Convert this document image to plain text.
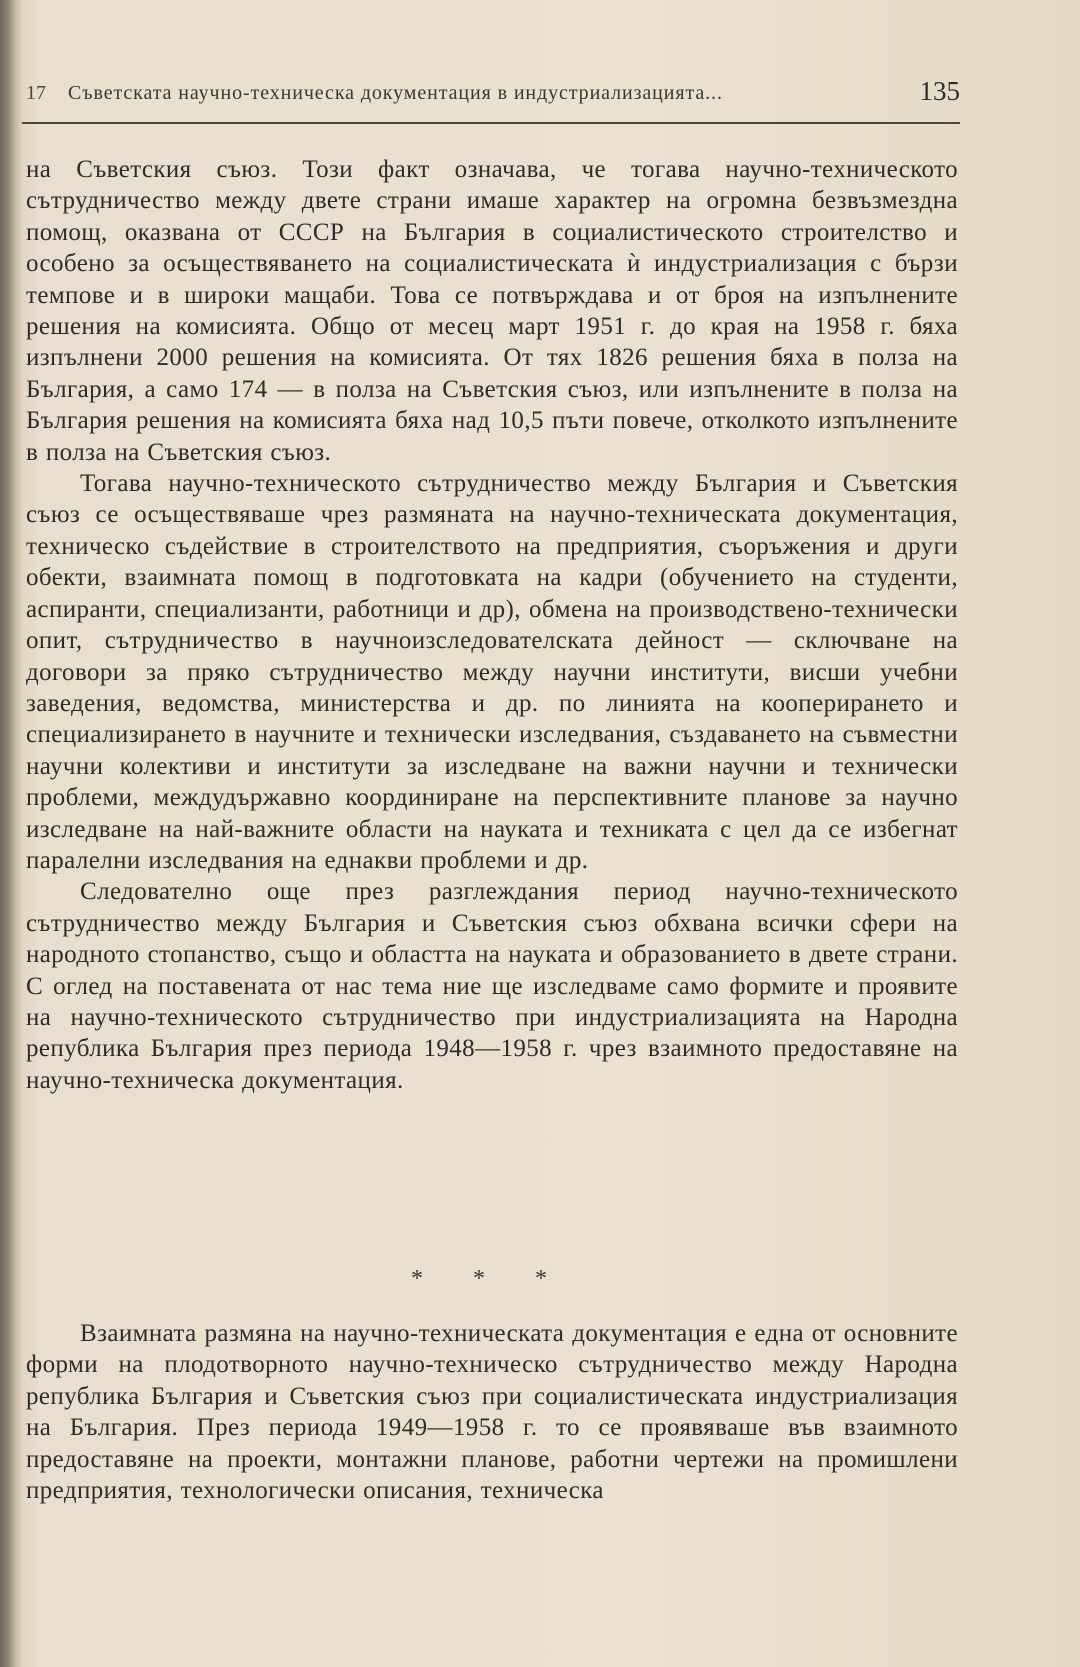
17 Съветската научно-техническа документация в индустриализацията...	135

на Съветския съюз. Този факт означава, че тогава научно-техническото сътрудничество между двете страни имаше характер на огромна безвъзмездна помощ, оказвана от СССР на България в социалистическото строителство и особено за осъществяването на социалистическата ѝ индустриализация с бързи темпове и в широки мащаби. Това се потвърждава и от броя на изпълнените решения на комисията. Общо от месец март 1951 г. до края на 1958 г. бяха изпълнени 2000 решения на комисията. От тях 1826 решения бяха в полза на България, а само 174 — в полза на Съветския съюз, или изпълнените в полза на България решения на комисията бяха над 10,5 пъти повече, отколкото изпълнените в полза на Съветския съюз.

Тогава научно-техническото сътрудничество между България и Съветския съюз се осъществяваше чрез размяната на научно-техническата документация, техническо съдействие в строителството на предприятия, съоръжения и други обекти, взаимната помощ в подготовката на кадри (обучението на студенти, аспиранти, специализанти, работници и др), обмена на производствено-технически опит, сътрудничество в научноизследователската дейност — сключване на договори за пряко сътрудничество между научни институти, висши учебни заведения, ведомства, министерства и др. по линията на кооперирането и специализирането в научните и технически изследвания, създаването на съвместни научни колективи и институти за изследване на важни научни и технически проблеми, междудържавно координиране на перспективните планове за научно изследване на най-важните области на науката и техниката с цел да се избегнат паралелни изследвания на еднакви проблеми и др.

Следователно още през разглеждания период научно-техническото сътрудничество между България и Съветския съюз обхвана всички сфери на народното стопанство, също и областта на науката и образованието в двете страни. С оглед на поставената от нас тема ние ще изследваме само формите и проявите на научно-техническото сътрудничество при индустриализацията на Народна република България през периода 1948—1958 г. чрез взаимното предоставяне на научно-техническа документация.

* * *

Взаимната размяна на научно-техническата документация е една от основните форми на плодотворното научно-техническо сътрудничество между Народна република България и Съветския съюз при социалистическата индустриализация на България. През периода 1949—1958 г. то се проявяваше във взаимното предоставяне на проекти, монтажни планове, работни чертежи на промишлени предприятия, технологически описания, техническа
